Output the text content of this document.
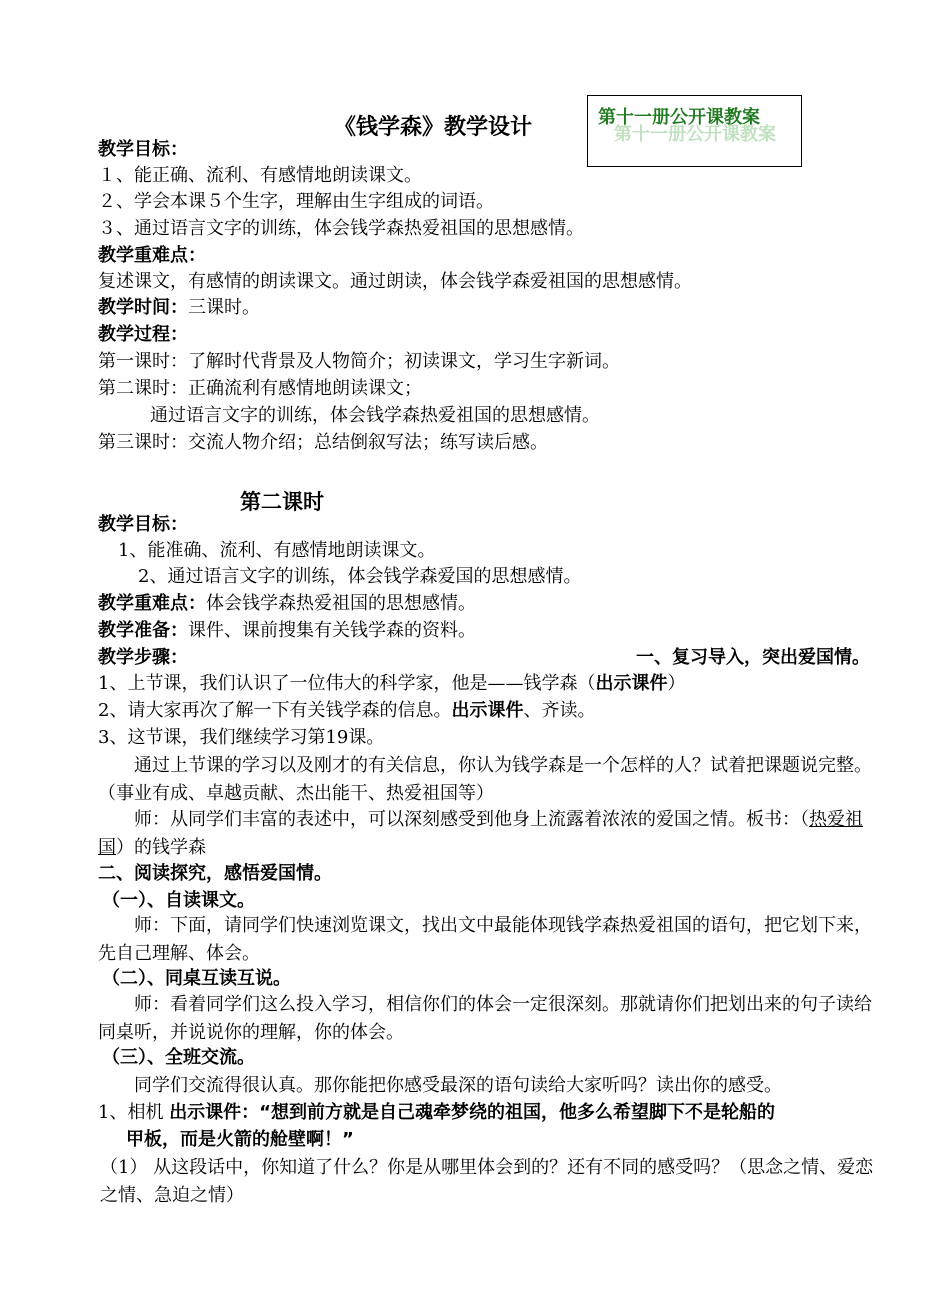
《钱学森》教学设计	第十一册公开课教案
第十一册公开课教案
教学目标：
１、能正确、流利、有感情地朗读课文。
２、学会本课５个生字，理解由生字组成的词语。
３、通过语言文字的训练，体会钱学森热爱祖国的思想感情。
教学重难点：
复述课文，有感情的朗读课文。通过朗读，体会钱学森爱祖国的思想感情。
教学时间：三课时。
教学过程：
第一课时：了解时代背景及人物简介；初读课文，学习生字新词。
第二课时：正确流利有感情地朗读课文；
通过语言文字的训练，体会钱学森热爱祖国的思想感情。
第三课时：交流人物介绍；总结倒叙写法；练写读后感。
第二课时
教学目标：
1、能准确、流利、有感情地朗读课文。
2、通过语言文字的训练，体会钱学森爱国的思想感情。
教学重难点：体会钱学森热爱祖国的思想感情。
教学准备：课件、课前搜集有关钱学森的资料。
教学步骤：	一、复习导入，突出爱国情。
1、上节课，我们认识了一位伟大的科学家，他是——钱学森（出示课件）
2、请大家再次了解一下有关钱学森的信息。出示课件、齐读。
3、这节课，我们继续学习第19课。
通过上节课的学习以及刚才的有关信息，你认为钱学森是一个怎样的人？试着把课题说完整。（事业有成、卓越贡献、杰出能干、热爱祖国等）
师：从同学们丰富的表述中，可以深刻感受到他身上流露着浓浓的爱国之情。板书：（热爱祖国）的钱学森
二、阅读探究，感悟爱国情。
（一）、自读课文。
师：下面，请同学们快速浏览课文，找出文中最能体现钱学森热爱祖国的语句，把它划下来，先自己理解、体会。
（二）、同桌互读互说。
师：看着同学们这么投入学习，相信你们的体会一定很深刻。那就请你们把划出来的句子读给同桌听，并说说你的理解，你的体会。
（三）、全班交流。
同学们交流得很认真。那你能把你感受最深的语句读给大家听吗？读出你的感受。
1、相机 出示课件：“想到前方就是自己魂牵梦绕的祖国，他多么希望脚下不是轮船的
甲板，而是火箭的舱壁啊！”
（1） 从这段话中，你知道了什么？你是从哪里体会到的？还有不同的感受吗？（思念之情、爱恋之情、急迫之情）
